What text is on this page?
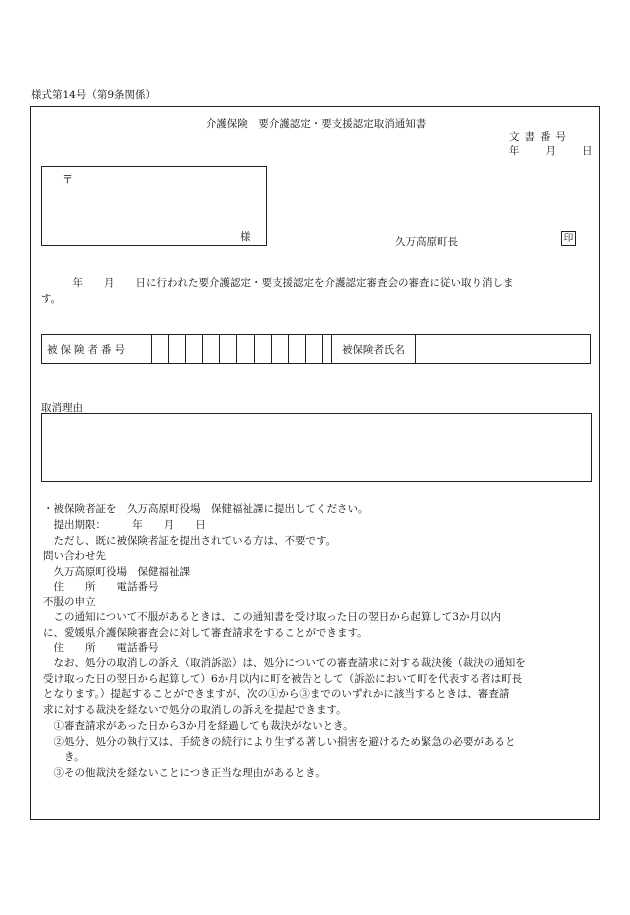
様式第14号（第9条関係）
介護保険　要介護認定・要支援認定取消通知書
文書番号
年 月 日
〒
様	久万高原町長	印
　　　年　　月　　日に行われた要介護認定・要支援認定を介護認定審査会の審査に従い取り消しま
す。
被保険者番号	被保険者氏名
取消理由
・被保険者証を　久万高原町役場　保健福祉課に提出してください。
　提出期限：　　　年　　月　　日
　ただし、既に被保険者証を提出されている方は、不要です。
問い合わせ先
　久万高原町役場　保健福祉課
　住　　所　　電話番号
不服の申立
　この通知について不服があるときは、この通知書を受け取った日の翌日から起算して3か月以内
に、愛媛県介護保険審査会に対して審査請求をすることができます。
　住　　所　　電話番号
　なお、処分の取消しの訴え（取消訴訟）は、処分についての審査請求に対する裁決後（裁決の通知を
受け取った日の翌日から起算して）6か月以内に町を被告として（訴訟において町を代表する者は町長
となります。）提起することができますが、次の①から③までのいずれかに該当するときは、審査請
求に対する裁決を経ないで処分の取消しの訴えを提起できます。
　①審査請求があった日から3か月を経過しても裁決がないとき。
　②処分、処分の執行又は、手続きの続行により生ずる著しい損害を避けるため緊急の必要があると
　　き。
　③その他裁決を経ないことにつき正当な理由があるとき。
